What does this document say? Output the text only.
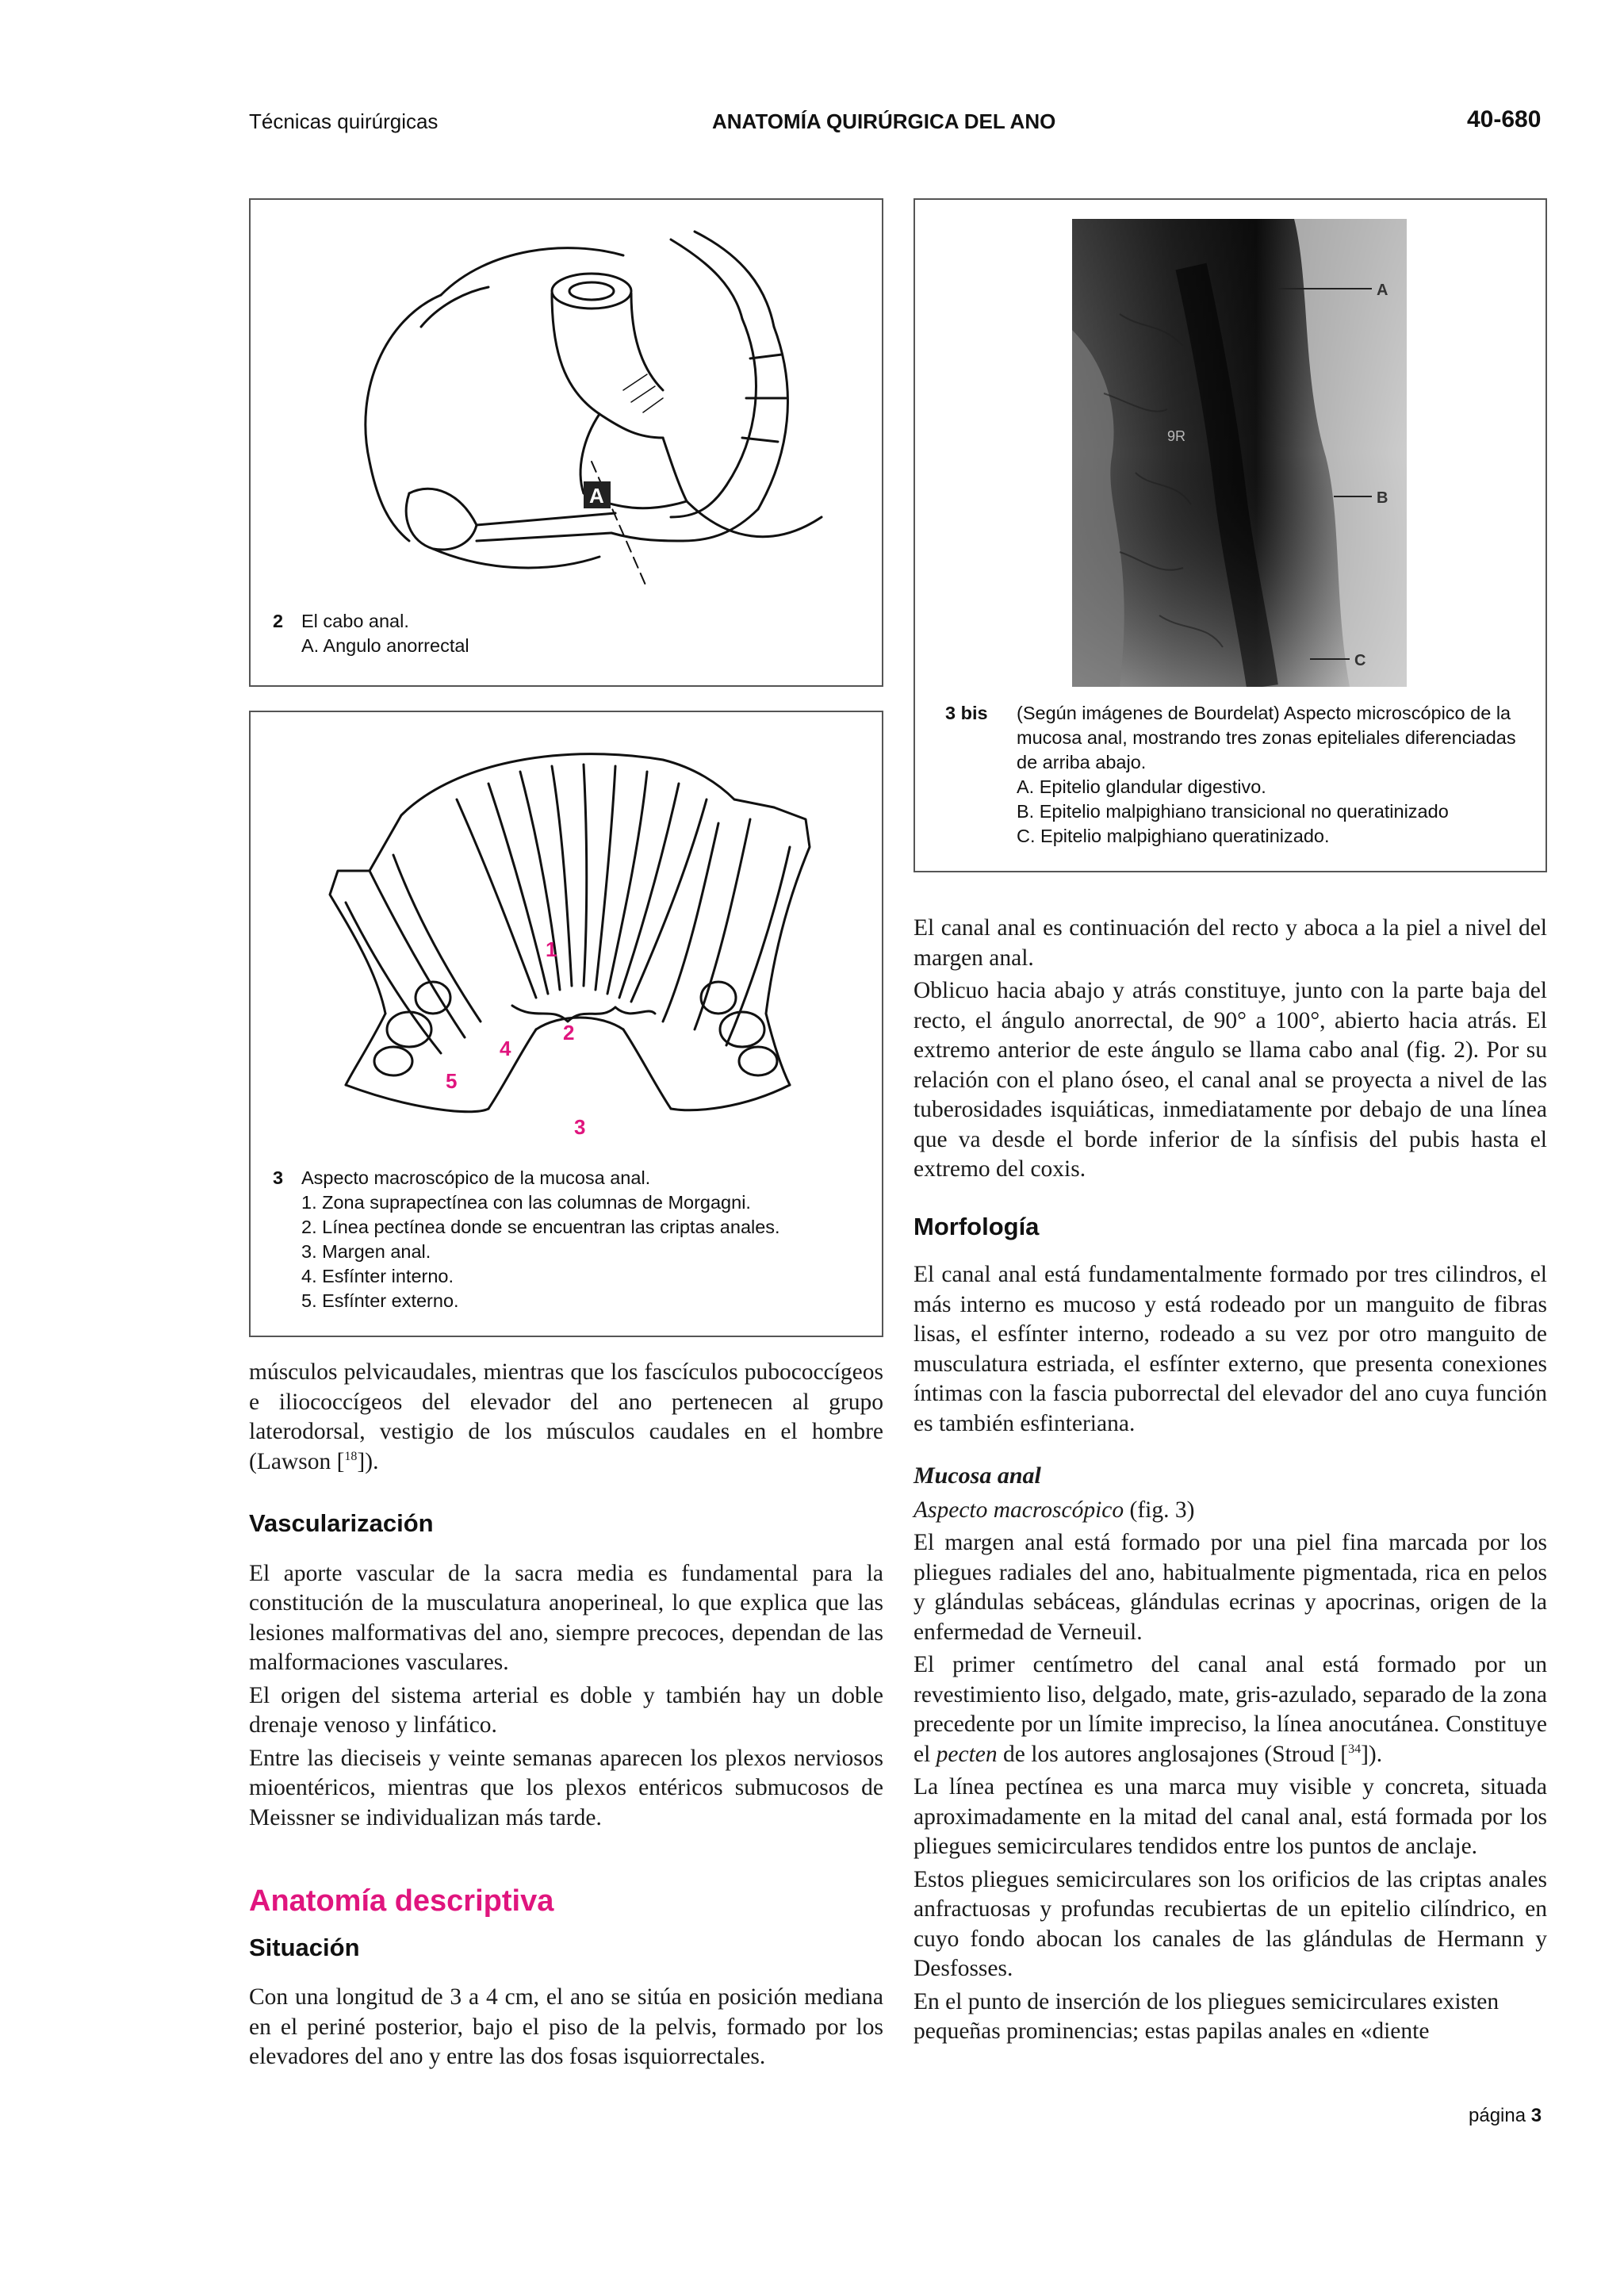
Técnicas quirúrgicas	ANATOMÍA QUIRÚRGICA DEL ANO	40-680
A
2 El cabo anal.
A. Angulo anorrectal
9R
A
B
C
3 bis (Según imágenes de Bourdelat) Aspecto microscópico de la
mucosa anal, mostrando tres zonas epiteliales diferenciadas
de arriba abajo.
A. Epitelio glandular digestivo.
B. Epitelio malpighiano transicional no queratinizado
C. Epitelio malpighiano queratinizado.
1
2
3
4
5
3 Aspecto macroscópico de la mucosa anal.
1. Zona suprapectínea con las columnas de Morgagni.
2. Línea pectínea donde se encuentran las criptas anales.
3. Margen anal.
4. Esfínter interno.
5. Esfínter externo.

músculos pelvicaudales, mientras que los fascículos pubococcígeos e iliococcígeos del elevador del ano pertenecen al grupo laterodorsal, vestigio de los músculos caudales en el hombre (Lawson [$^{18}$]).

Vascularización

El aporte vascular de la sacra media es fundamental para la constitución de la musculatura anoperineal, lo que explica que las lesiones malformativas del ano, siempre precoces, dependan de las malformaciones vasculares.

El origen del sistema arterial es doble y también hay un doble drenaje venoso y linfático.

Entre las dieciseis y veinte semanas aparecen los plexos nerviosos mioentéricos, mientras que los plexos entéricos submucosos de Meissner se individualizan más tarde.

Anatomía descriptiva
Situación

Con una longitud de 3 a 4 cm, el ano se sitúa en posición mediana en el periné posterior, bajo el piso de la pelvis, formado por los elevadores del ano y entre las dos fosas isquiorrectales.

El canal anal es continuación del recto y aboca a la piel a nivel del margen anal.

Oblicuo hacia abajo y atrás constituye, junto con la parte baja del recto, el ángulo anorrectal, de 90° a 100°, abierto hacia atrás. El extremo anterior de este ángulo se llama cabo anal (fig. 2). Por su relación con el plano óseo, el canal anal se proyecta a nivel de las tuberosidades isquiáticas, inmediatamente por debajo de una línea que va desde el borde inferior de la sínfisis del pubis hasta el extremo del coxis.

Morfología

El canal anal está fundamentalmente formado por tres cilindros, el más interno es mucoso y está rodeado por un manguito de fibras lisas, el esfínter interno, rodeado a su vez por otro manguito de musculatura estriada, el esfínter externo, que presenta conexiones íntimas con la fascia puborrectal del elevador del ano cuya función es también esfinteriana.

Mucosa anal

Aspecto macroscópico (fig. 3)

El margen anal está formado por una piel fina marcada por los pliegues radiales del ano, habitualmente pigmentada, rica en pelos y glándulas sebáceas, glándulas ecrinas y apocrinas, origen de la enfermedad de Verneuil.

El primer centímetro del canal anal está formado por un revestimiento liso, delgado, mate, gris-azulado, separado de la zona precedente por un límite impreciso, la línea anocutánea. Constituye el pecten de los autores anglosajones (Stroud [$^{34}$]).

La línea pectínea es una marca muy visible y concreta, situada aproximadamente en la mitad del canal anal, está formada por los pliegues semicirculares tendidos entre los puntos de anclaje.

Estos pliegues semicirculares son los orificios de las criptas anales anfractuosas y profundas recubiertas de un epitelio cilíndrico, en cuyo fondo abocan los canales de las glándulas de Hermann y Desfosses.

En el punto de inserción de los pliegues semicirculares existen pequeñas prominencias; estas papilas anales en «diente

página 3
